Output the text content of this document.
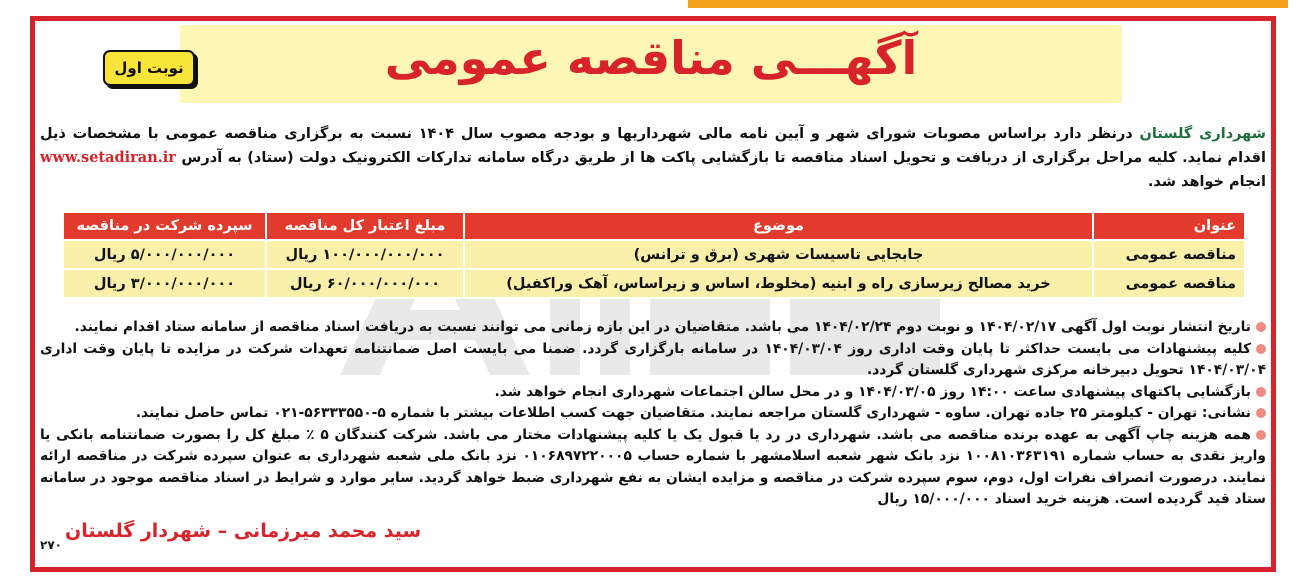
آگهـــی مناقصه عمومی
نوبت اول
شهرداری گلستان درنظر دارد براساس مصوبات شورای شهر و آیین نامه مالی شهرداریها و بودجه مصوب سال ۱۴۰۴ نسبت به برگزاری مناقصه عمومی با مشخصات ذیل اقدام نماید. کلیه مراحل برگزاری از دریافت و تحویل اسناد مناقصه تا بازگشایی پاکت ها از طریق درگاه سامانه تدارکات الکترونیک دولت (ستاد) به آدرس www.setadiran.ir انجام خواهد شد.
عنوان	موضوع	مبلغ اعتبار کل مناقصه	سپرده شرکت در مناقصه
مناقصه عمومی	جابجایی تاسیسات شهری (برق و ترانس)	۱۰۰/۰۰۰/۰۰۰/۰۰۰ ریال	۵/۰۰۰/۰۰۰/۰۰۰ ریال
مناقصه عمومی	خرید مصالح زیرسازی راه و ابنیه (مخلوط، اساس و زیراساس، آهک وراکفیل)	۶۰/۰۰۰/۰۰۰/۰۰۰ ریال	۳/۰۰۰/۰۰۰/۰۰۰ ریال
تاریخ انتشار نوبت اول آگهی ۱۴۰۴/۰۲/۱۷ و نوبت دوم ۱۴۰۴/۰۲/۲۴ می باشد. متقاضیان در این بازه زمانی می توانند نسبت به دریافت اسناد مناقصه از سامانه ستاد اقدام نمایند.
کلیه پیشنهادات می بایست حداکثر تا پایان وقت اداری روز ۱۴۰۴/۰۳/۰۴ در سامانه بارگزاری گردد. ضمنا می بایست اصل ضمانتنامه تعهدات شرکت در مزایده تا پایان وقت اداری ۱۴۰۴/۰۳/۰۴ تحویل دبیرخانه مرکزی شهرداری گلستان گردد.
بازگشایی پاکتهای پیشنهادی ساعت ۱۴:۰۰ روز ۱۴۰۴/۰۳/۰۵ و در محل سالن اجتماعات شهرداری انجام خواهد شد.
نشانی: تهران - کیلومتر ۲۵ جاده تهران. ساوه - شهرداری گلستان مراجعه نمایند. متقاضیان جهت کسب اطلاعات بیشتر با شماره ۵-۵۶۳۳۳۵۵۰-۰۲۱ تماس حاصل نمایند.
همه هزینه چاپ آگهی به عهده برنده مناقصه می باشد. شهرداری در رد یا قبول یک یا کلیه پیشنهادات مختار می باشد. شرکت کنندگان ۵ ٪ مبلغ کل را بصورت ضمانتنامه بانکی یا واریز نقدی به حساب شماره ۱۰۰۸۱۰۳۶۳۱۹۱ نزد بانک شهر شعبه اسلامشهر با شماره حساب ۰۱۰۶۸۹۷۲۲۰۰۰۵ نزد بانک ملی شعبه شهرداری به عنوان سپرده شرکت در مناقصه ارائه نمایند. درصورت انصراف نفرات اول، دوم، سوم سپرده شرکت در مناقصه و مزایده ایشان به نفع شهرداری ضبط خواهد گردید. سایر موارد و شرایط در اسناد مناقصه موجود در سامانه ستاد قید گردیده است. هزینه خرید اسناد ۱۵/۰۰۰/۰۰۰ ریال
سید محمد میرزمانی – شهردار گلستان
۲۷۰
